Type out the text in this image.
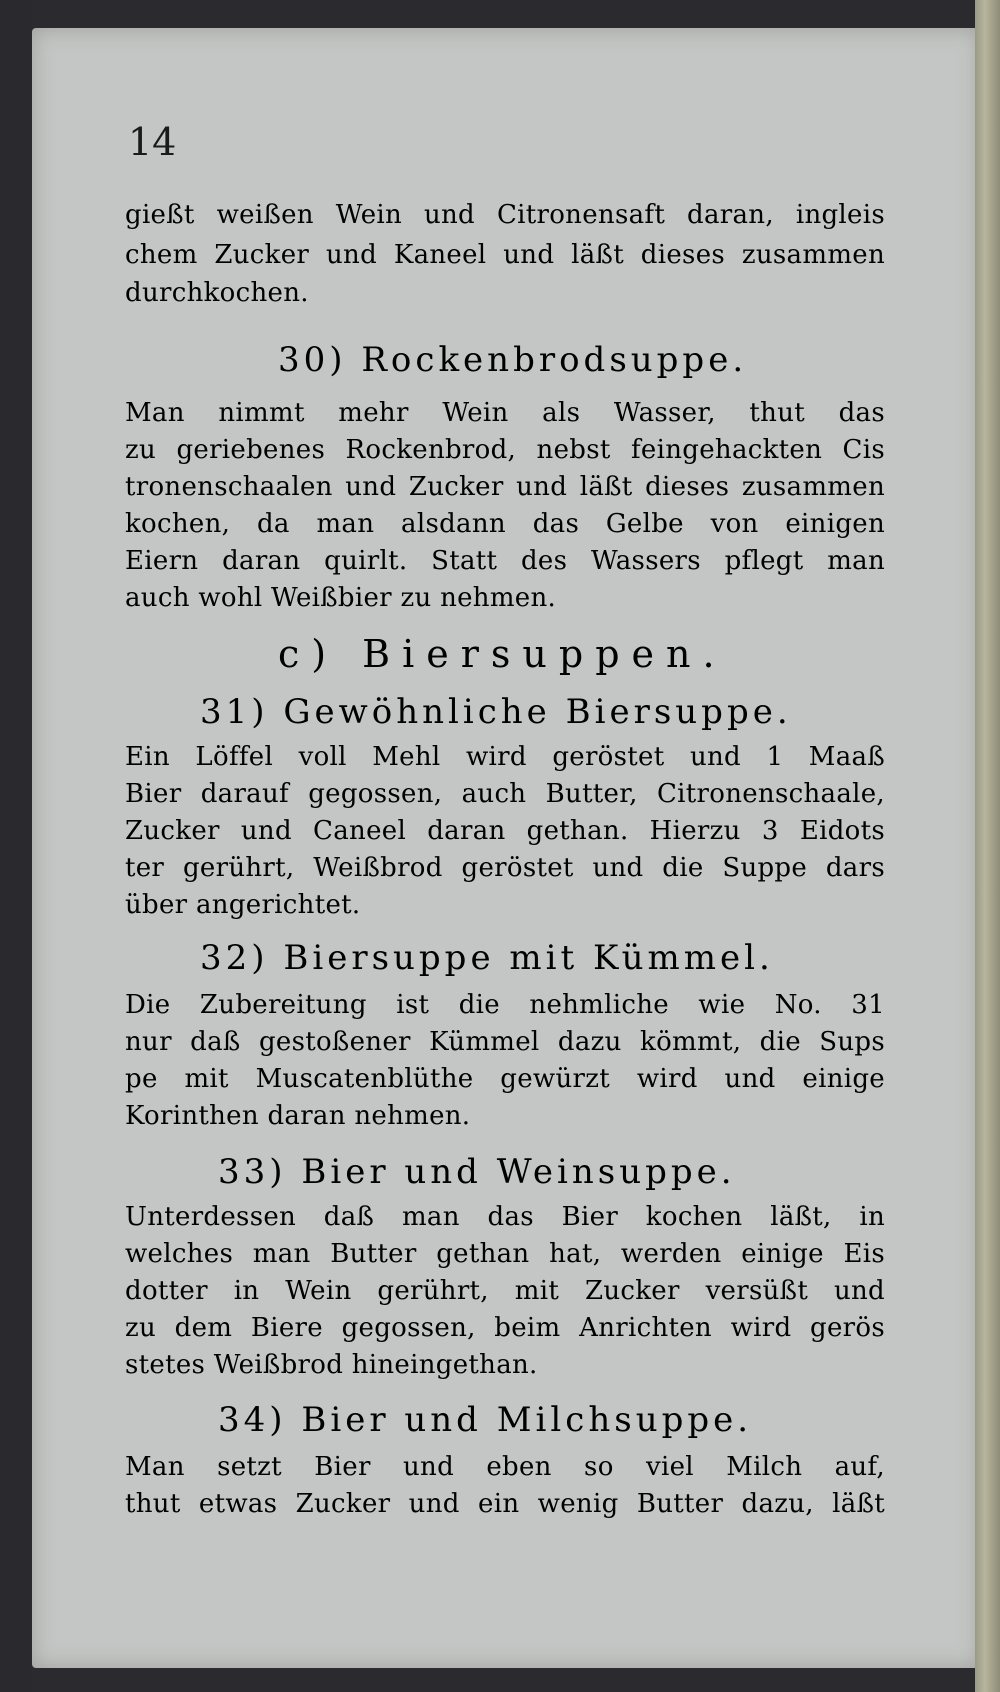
14
gießt weißen Wein und Citronensaft daran, ingleis
chem Zucker und Kaneel und läßt dieses zusammen
durchkochen.
30) Rockenbrodsuppe.
Man nimmt mehr Wein als Wasser, thut das
zu geriebenes Rockenbrod, nebst feingehackten Cis
tronenschaalen und Zucker und läßt dieses zusammen
kochen, da man alsdann das Gelbe von einigen
Eiern daran quirlt. Statt des Wassers pflegt man
auch wohl Weißbier zu nehmen.
c) Biersuppen.
31) Gewöhnliche Biersuppe.
Ein Löffel voll Mehl wird geröstet und 1 Maaß
Bier darauf gegossen, auch Butter, Citronenschaale,
Zucker und Caneel daran gethan. Hierzu 3 Eidots
ter gerührt, Weißbrod geröstet und die Suppe dars
über angerichtet.
32) Biersuppe mit Kümmel.
Die Zubereitung ist die nehmliche wie No. 31
nur daß gestoßener Kümmel dazu kömmt, die Sups
pe mit Muscatenblüthe gewürzt wird und einige
Korinthen daran nehmen.
33) Bier und Weinsuppe.
Unterdessen daß man das Bier kochen läßt, in
welches man Butter gethan hat, werden einige Eis
dotter in Wein gerührt, mit Zucker versüßt und
zu dem Biere gegossen, beim Anrichten wird gerös
stetes Weißbrod hineingethan.
34) Bier und Milchsuppe.
Man setzt Bier und eben so viel Milch auf,
thut etwas Zucker und ein wenig Butter dazu, läßt
